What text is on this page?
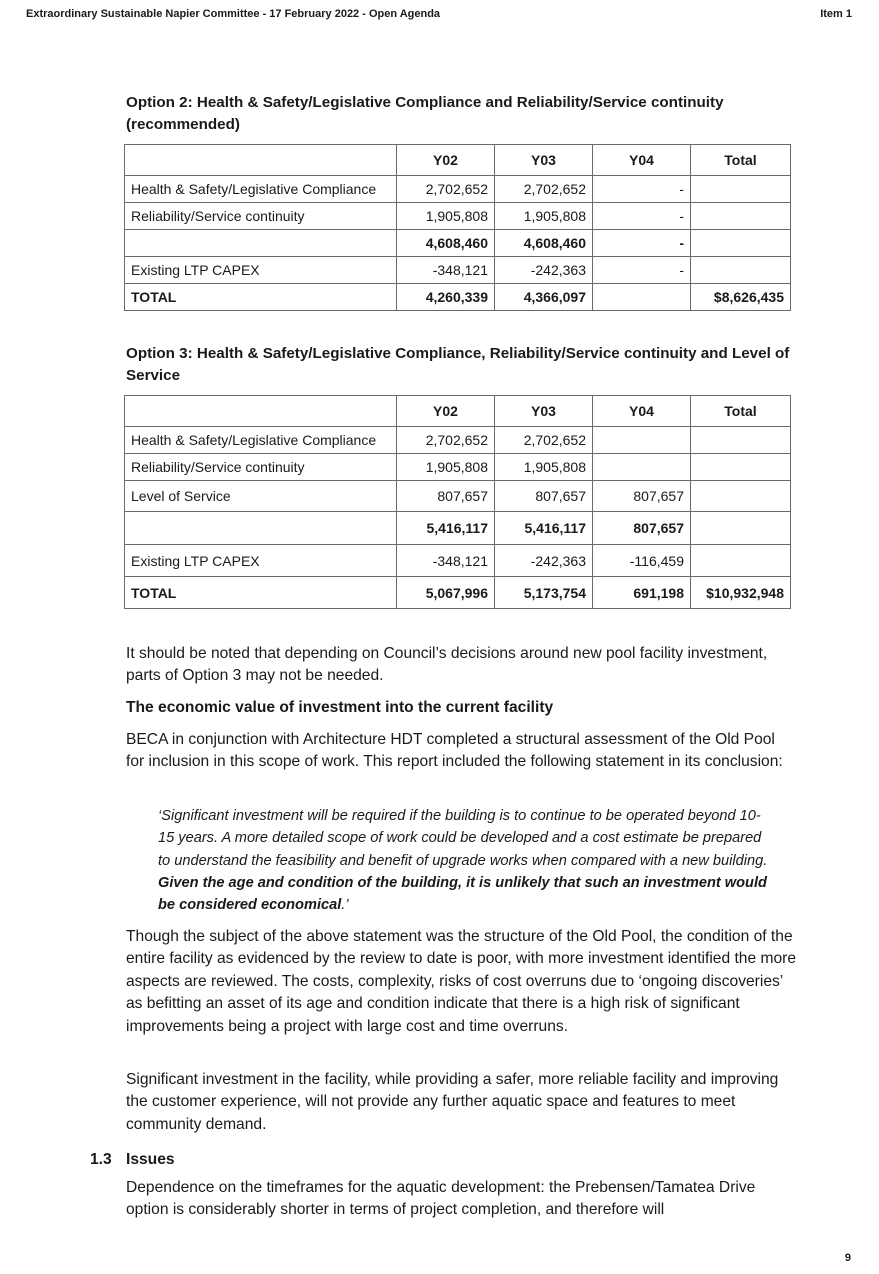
Extraordinary Sustainable Napier Committee - 17 February 2022 - Open Agenda	Item 1

Option 2: Health & Safety/Legislative Compliance and Reliability/Service continuity (recommended)

	Y02	Y03	Y04	Total
Health & Safety/Legislative Compliance	2,702,652	2,702,652	-	
Reliability/Service continuity	1,905,808	1,905,808	-	
	4,608,460	4,608,460	-	
Existing LTP CAPEX	-348,121	-242,363	-	
TOTAL	4,260,339	4,366,097		$8,626,435

Option 3: Health & Safety/Legislative Compliance, Reliability/Service continuity and Level of Service

	Y02	Y03	Y04	Total
Health & Safety/Legislative Compliance	2,702,652	2,702,652		
Reliability/Service continuity	1,905,808	1,905,808		
Level of Service	807,657	807,657	807,657	
	5,416,117	5,416,117	807,657	
Existing LTP CAPEX	-348,121	-242,363	-116,459	
TOTAL	5,067,996	5,173,754	691,198	$10,932,948

It should be noted that depending on Council’s decisions around new pool facility investment, parts of Option 3 may not be needed.

The economic value of investment into the current facility

BECA in conjunction with Architecture HDT completed a structural assessment of the Old Pool for inclusion in this scope of work. This report included the following statement in its conclusion:

‘Significant investment will be required if the building is to continue to be operated beyond 10-15 years. A more detailed scope of work could be developed and a cost estimate be prepared to understand the feasibility and benefit of upgrade works when compared with a new building. Given the age and condition of the building, it is unlikely that such an investment would be considered economical.’

Though the subject of the above statement was the structure of the Old Pool, the condition of the entire facility as evidenced by the review to date is poor, with more investment identified the more aspects are reviewed. The costs, complexity, risks of cost overruns due to ‘ongoing discoveries’ as befitting an asset of its age and condition indicate that there is a high risk of significant improvements being a project with large cost and time overruns.

Significant investment in the facility, while providing a safer, more reliable facility and improving the customer experience, will not provide any further aquatic space and features to meet community demand.

1.3 Issues

Dependence on the timeframes for the aquatic development: the Prebensen/Tamatea Drive option is considerably shorter in terms of project completion, and therefore will

9
